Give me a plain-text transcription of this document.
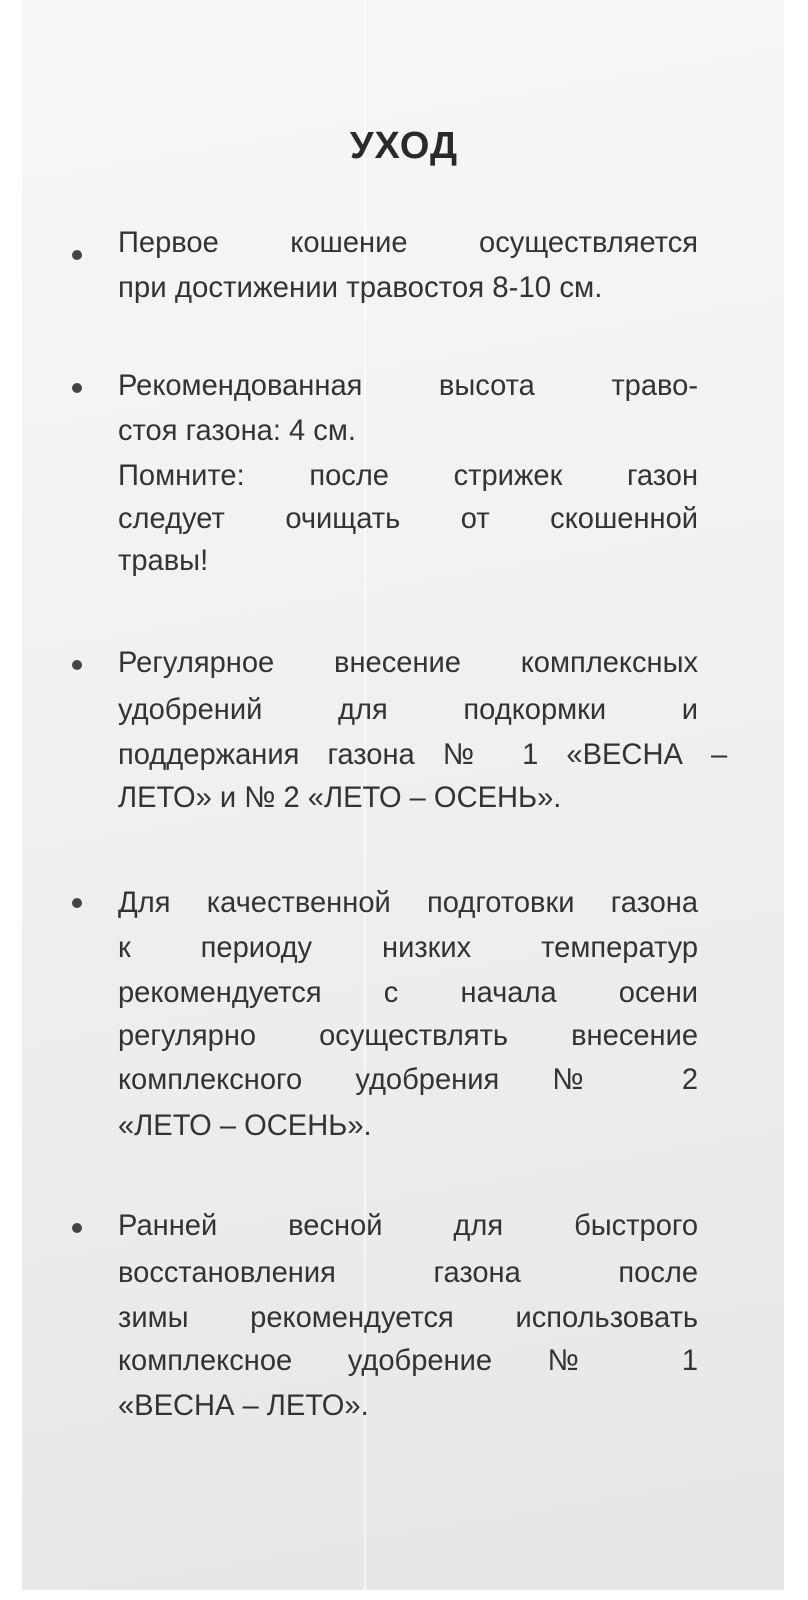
УХОД
Первое кошение осуществляется
при достижении травостоя 8-10 см.
Рекомендованная высота траво-
стоя газона: 4 см.
Помните: после стрижек газон
следует очищать от скошенной
травы!
Регулярное внесение комплексных
удобрений для подкормки и
поддержания газона № 1 «ВЕСНА –
ЛЕТО» и № 2 «ЛЕТО – ОСЕНЬ».
Для качественной подготовки газона
к периоду низких температур
рекомендуется с начала осени
регулярно осуществлять внесение
комплексного удобрения № 2
«ЛЕТО – ОСЕНЬ».
Ранней весной для быстрого
восстановления газона после
зимы рекомендуется использовать
комплексное удобрение № 1
«ВЕСНА – ЛЕТО».
